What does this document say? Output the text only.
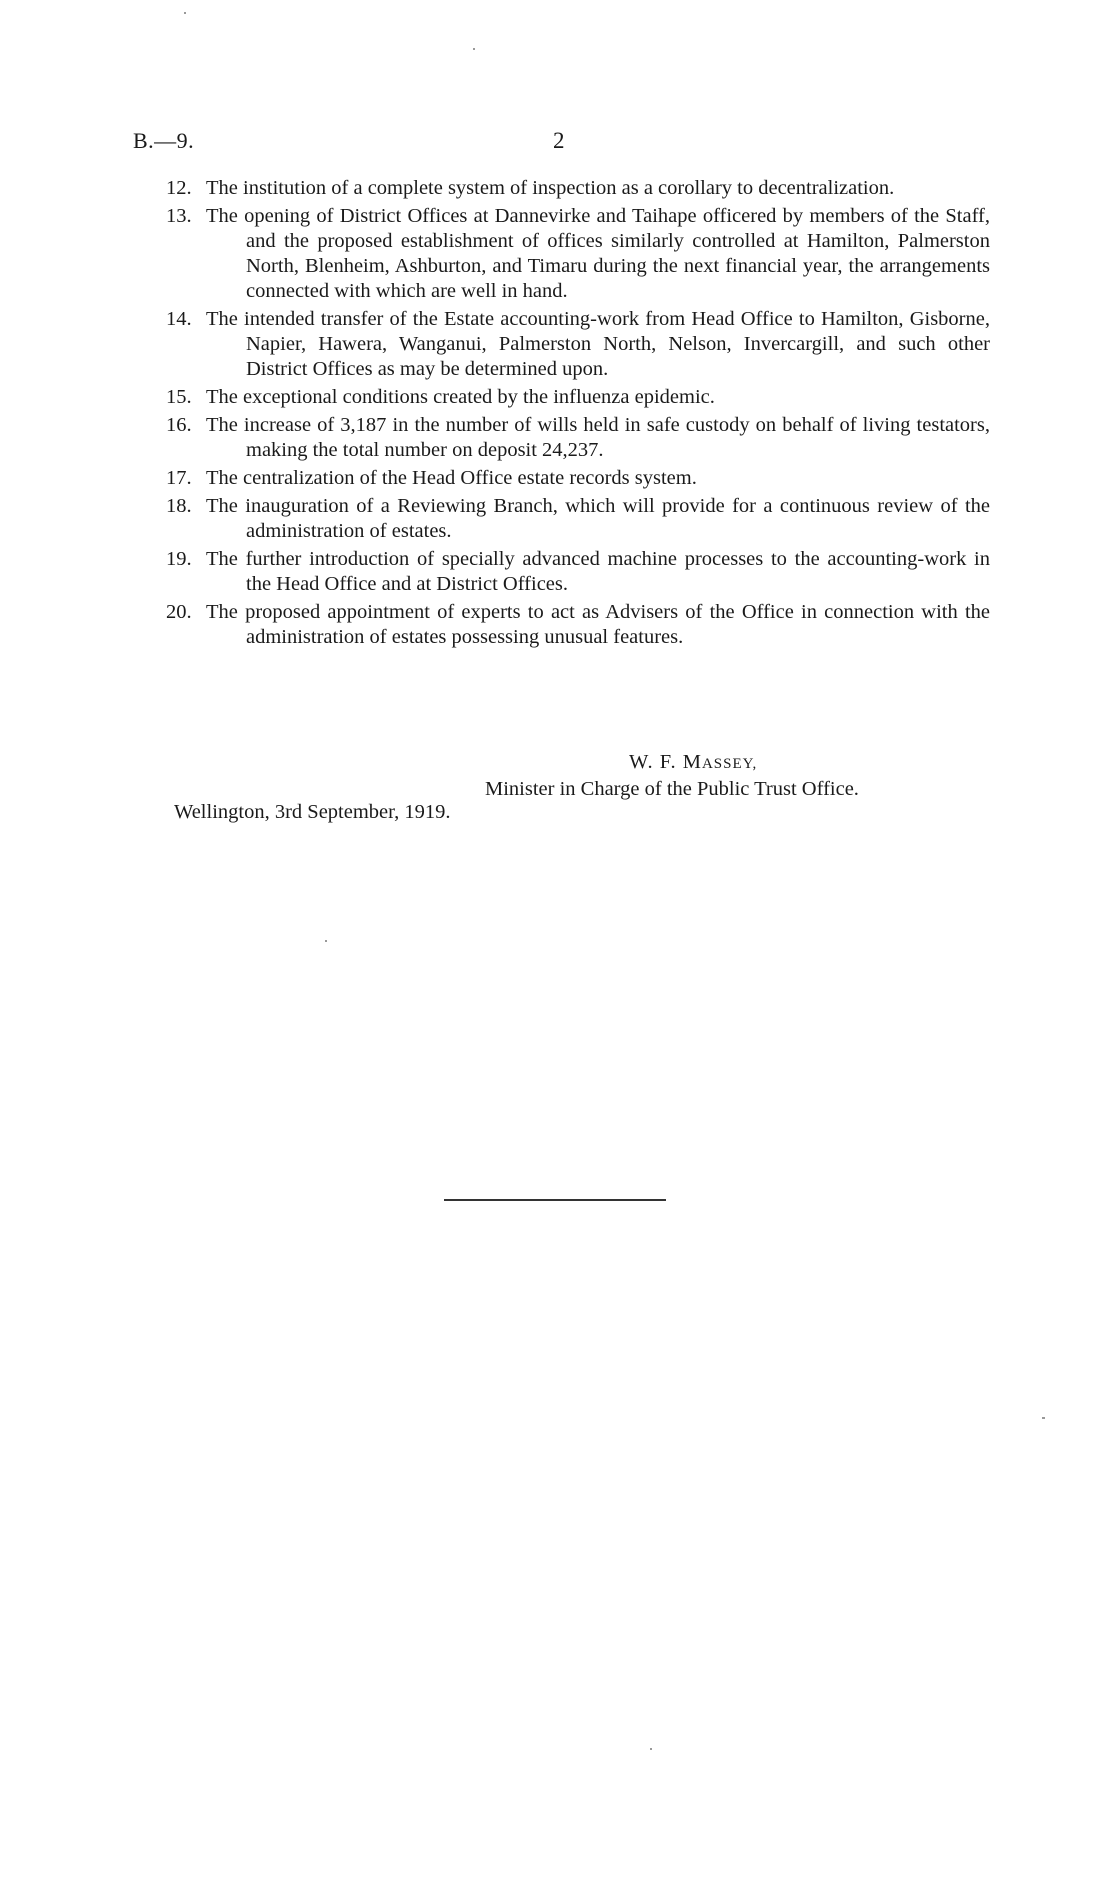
B.—9.	2
12. The institution of a complete system of inspection as a corollary to decentralization.
13. The opening of District Offices at Dannevirke and Taihape officered by members of the Staff, and the proposed establishment of offices similarly controlled at Hamilton, Palmerston North, Blenheim, Ashburton, and Timaru during the next financial year, the arrangements connected with which are well in hand.
14. The intended transfer of the Estate accounting-work from Head Office to Hamilton, Gisborne, Napier, Hawera, Wanganui, Palmerston North, Nelson, Invercargill, and such other District Offices as may be determined upon.
15. The exceptional conditions created by the influenza epidemic.
16. The increase of 3,187 in the number of wills held in safe custody on behalf of living testators, making the total number on deposit 24,237.
17. The centralization of the Head Office estate records system.
18. The inauguration of a Reviewing Branch, which will provide for a continuous review of the administration of estates.
19. The further introduction of specially advanced machine processes to the accounting-work in the Head Office and at District Offices.
20. The proposed appointment of experts to act as Advisers of the Office in connection with the administration of estates possessing unusual features.
W. F. MASSEY,
Minister in Charge of the Public Trust Office.
Wellington, 3rd September, 1919.
